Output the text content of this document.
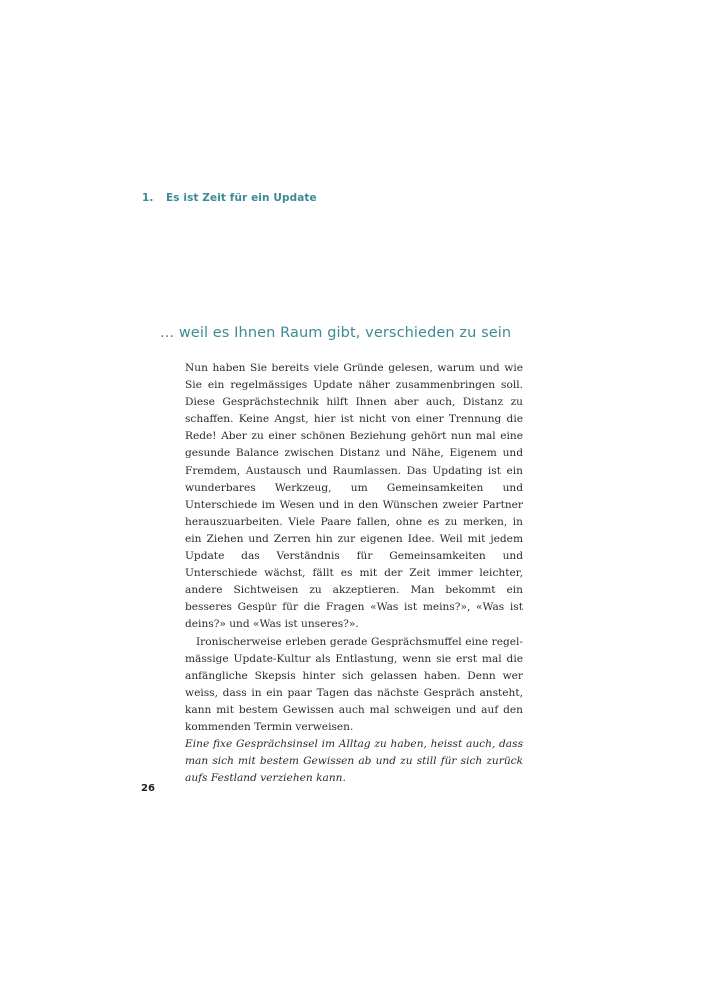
1. Es ist Zeit für ein Update
... weil es Ihnen Raum gibt, verschieden zu sein

Nun haben Sie bereits viele Gründe gelesen, warum und wie Sie ein regelmässiges Update näher zusammenbringen soll. Diese Gesprächstechnik hilft Ihnen aber auch, Distanz zu schaffen. Keine Angst, hier ist nicht von einer Trennung die Rede! Aber zu einer schönen Beziehung gehört nun mal eine gesunde Balance zwischen Distanz und Nähe, Eigenem und Fremdem, Austausch und Raumlassen. Das Updating ist ein wunderbares Werkzeug, um Gemeinsamkeiten und Unterschiede im Wesen und in den Wünschen zweier Partner herauszuarbeiten. Viele Paare fallen, ohne es zu merken, in ein Ziehen und Zerren hin zur eigenen Idee. Weil mit jedem Update das Verständnis für Gemeinsamkeiten und Unterschiede wächst, fällt es mit der Zeit immer leichter, andere Sichtweisen zu akzeptieren. Man bekommt ein besseres Gespür für die Fragen «Was ist meins?», «Was ist deins?» und «Was ist unseres?».

Ironischerweise erleben gerade Gesprächsmuffel eine regelmässige Update-Kultur als Entlastung, wenn sie erst mal die anfängliche Skepsis hinter sich gelassen haben. Denn wer weiss, dass in ein paar Tagen das nächste Gespräch ansteht, kann mit bestem Gewissen auch mal schweigen und auf den kommenden Termin verweisen.

Eine fixe Gesprächsinsel im Alltag zu haben, heisst auch, dass man sich mit bestem Gewissen ab und zu still für sich zurück aufs Festland verziehen kann.

26
